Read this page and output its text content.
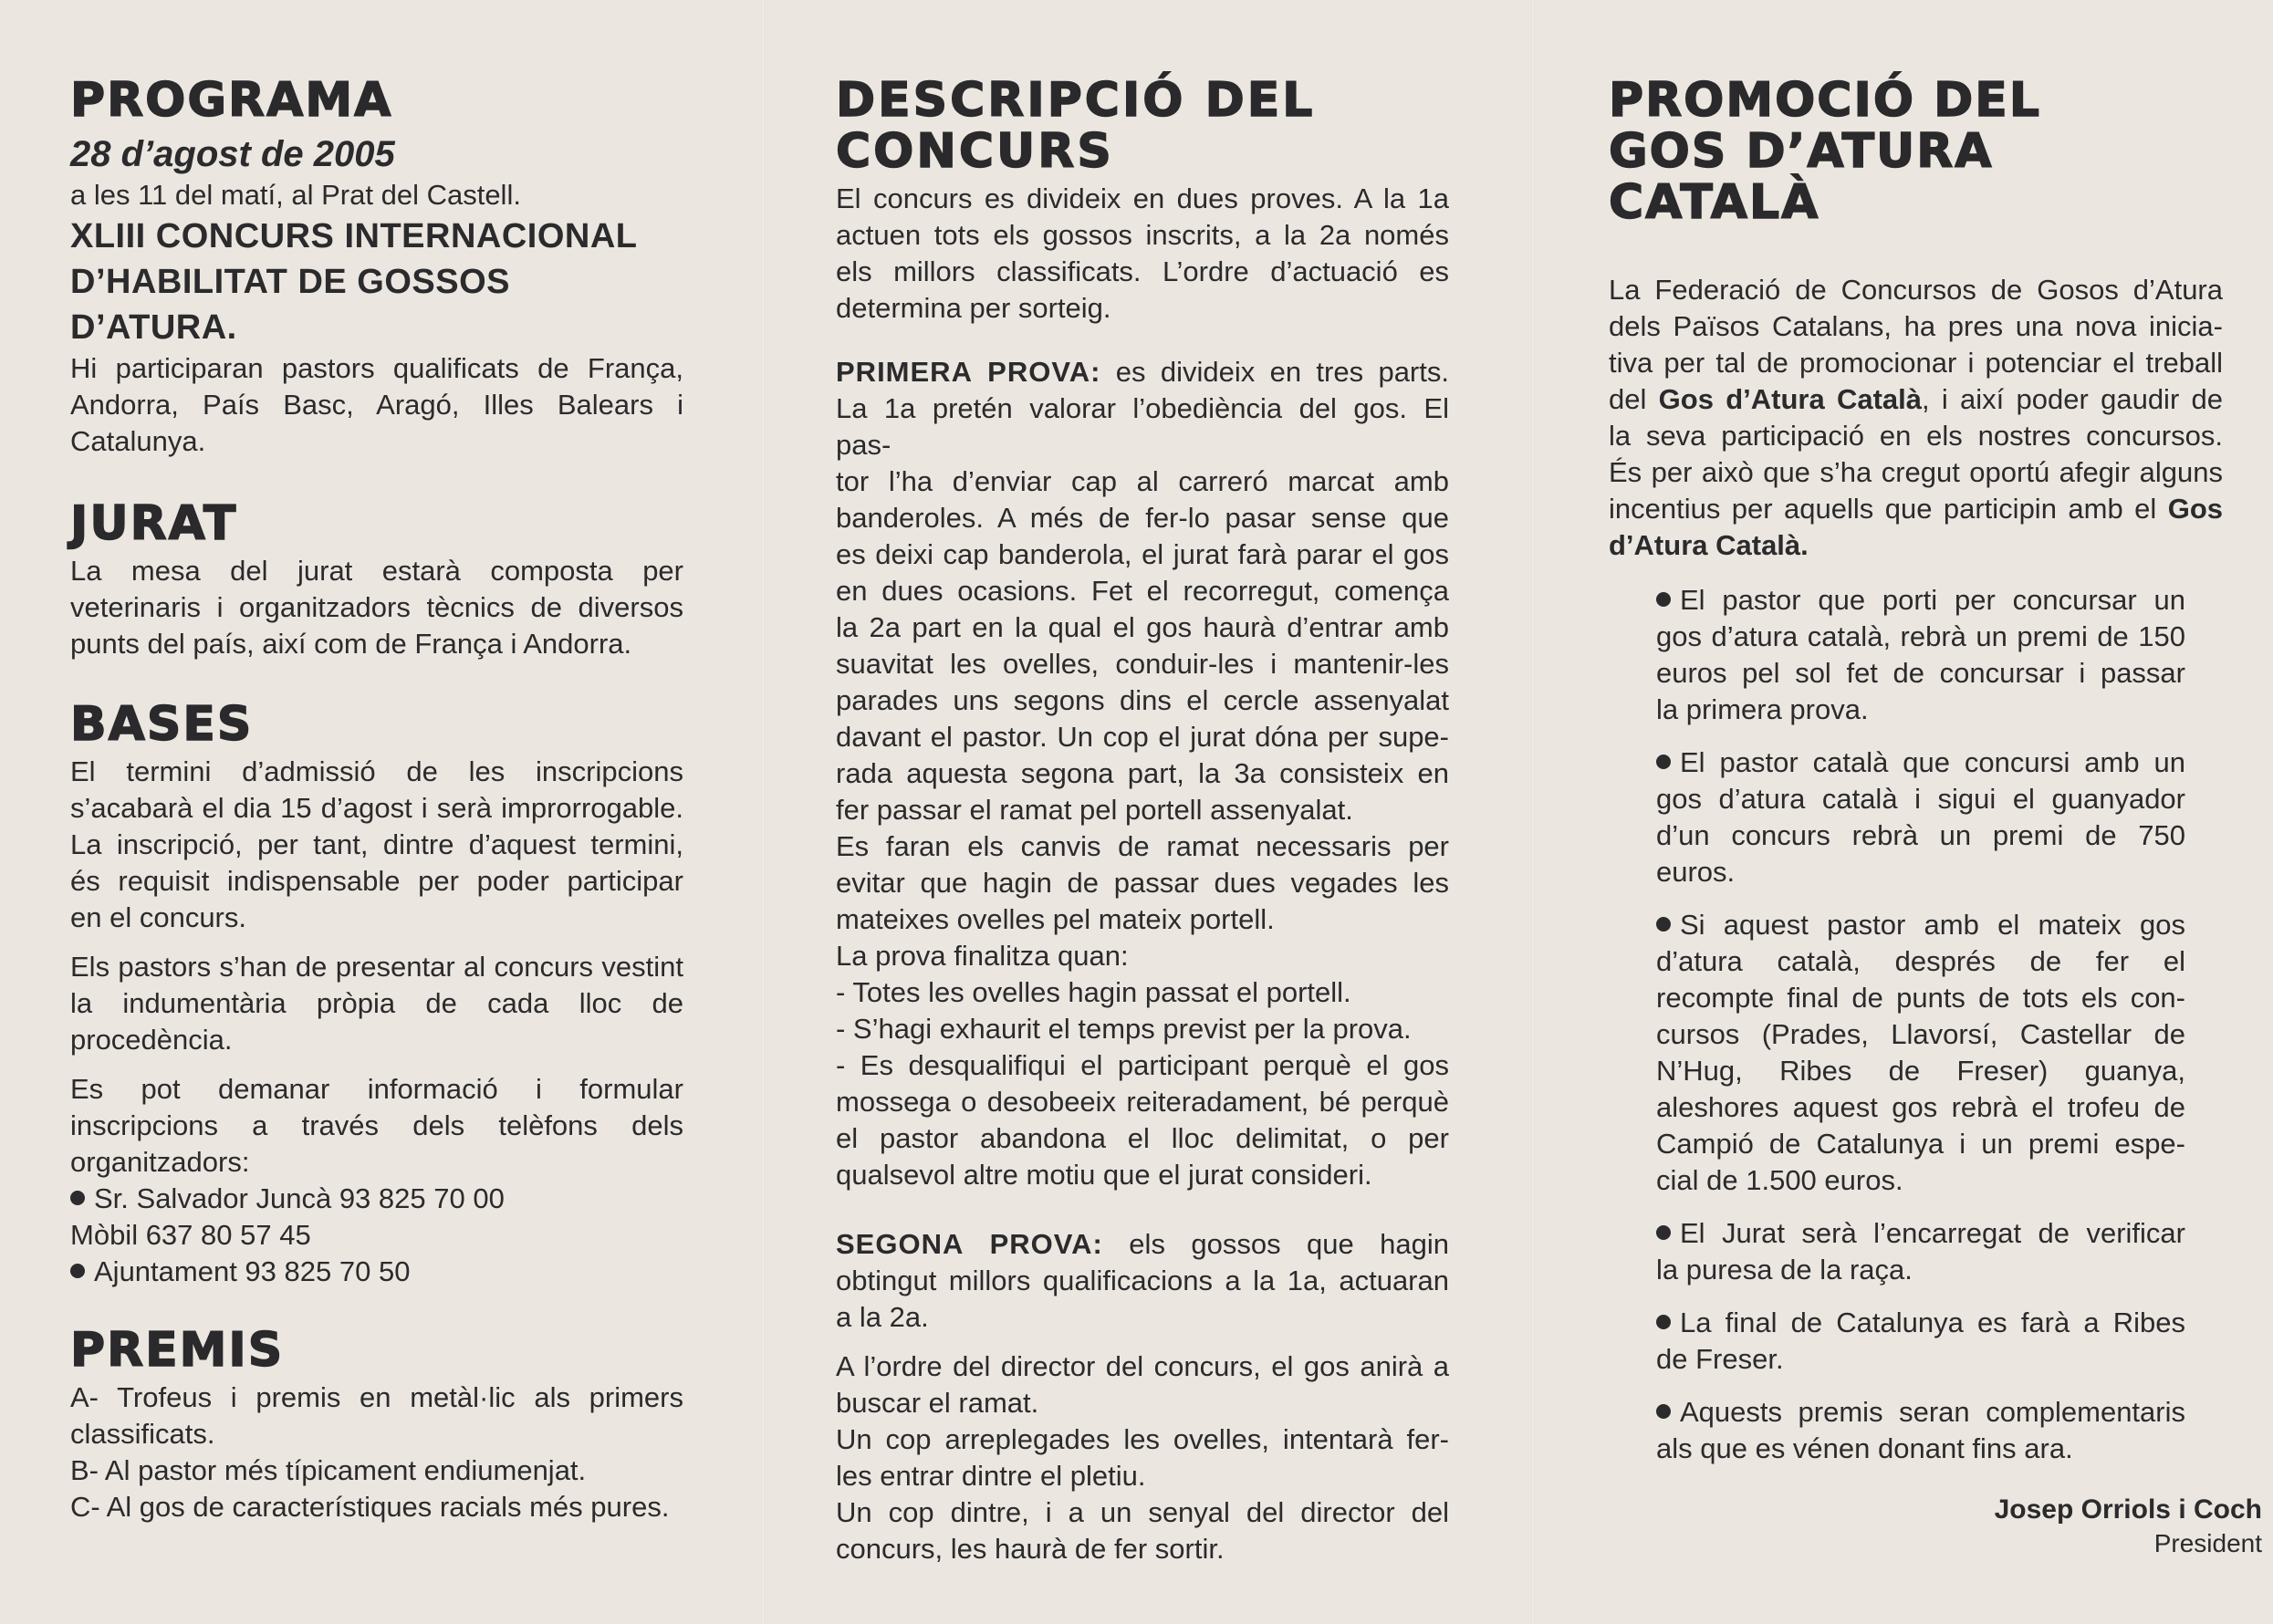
PROGRAMA

28 d’agost de 2005

a les 11 del matí, al Prat del Castell.

XLIII CONCURS INTERNACIONAL

D’HABILITAT DE GOSSOS

D’ATURA.

Hi participaran pastors qualificats de França,

Andorra, País Basc, Aragó, Illes Balears i

Catalunya.

JURAT

La mesa del jurat estarà composta per

veterinaris i organitzadors tècnics de diversos

punts del país, així com de França i Andorra.

BASES

El termini d’admissió de les inscripcions

s’acabarà el dia 15 d’agost i serà improrrogable.

La inscripció, per tant, dintre d’aquest termini,

és requisit indispensable per poder participar

en el concurs.

Els pastors s’han de presentar al concurs vestint

la indumentària pròpia de cada lloc de

procedència.

Es pot demanar informació i formular

inscripcions a través dels telèfons dels

organitzadors:

Sr. Salvador Juncà 93 825 70 00

Mòbil 637 80 57 45

Ajuntament 93 825 70 50

PREMIS

A- Trofeus i premis en metàl·lic als primers

classificats.

B- Al pastor més típicament endiumenjat.

C- Al gos de característiques racials més pures.

DESCRIPCIÓ DEL
CONCURS

El concurs es divideix en dues proves. A la 1a

actuen tots els gossos inscrits, a la 2a només

els millors classificats. L’ordre d’actuació es

determina per sorteig.

PRIMERA PROVA: es divideix en tres parts.

La 1a pretén valorar l’obediència del gos. El pas-

tor l’ha d’enviar cap al carreró marcat amb

banderoles. A més de fer-lo pasar sense que

es deixi cap banderola, el jurat farà parar el gos

en dues ocasions. Fet el recorregut, comença

la 2a part en la qual el gos haurà d’entrar amb

suavitat les ovelles, conduir-les i mantenir-les

parades uns segons dins el cercle assenyalat

davant el pastor. Un cop el jurat dóna per supe-

rada aquesta segona part, la 3a consisteix en

fer passar el ramat pel portell assenyalat.

Es faran els canvis de ramat necessaris per

evitar que hagin de passar dues vegades les

mateixes ovelles pel mateix portell.

La prova finalitza quan:

- Totes les ovelles hagin passat el portell.

- S’hagi exhaurit el temps previst per la prova.

- Es desqualifiqui el participant perquè el gos

mossega o desobeeix reiteradament, bé perquè

el pastor abandona el lloc delimitat, o per

qualsevol altre motiu que el jurat consideri.

SEGONA PROVA: els gossos que hagin

obtingut millors qualificacions a la 1a, actuaran

a la 2a.

A l’ordre del director del concurs, el gos anirà a

buscar el ramat.

Un cop arreplegades les ovelles, intentarà fer-

les entrar dintre el pletiu.

Un cop dintre, i a un senyal del director del

concurs, les haurà de fer sortir.

PROMOCIÓ DEL
GOS D’ATURA
CATALÀ

La Federació de Concursos de Gosos d’Atura

dels Països Catalans, ha pres una nova inicia-

tiva per tal de promocionar i potenciar el treball

del Gos d’Atura Català, i així poder gaudir de

la seva participació en els nostres concursos.

És per això que s’ha cregut oportú afegir alguns

incentius per aquells que participin amb el Gos

d’Atura Català.

El pastor que porti per concursar un

gos d’atura català, rebrà un premi de 150

euros pel sol fet de concursar i passar

la primera prova.

El pastor català que concursi amb un

gos d’atura català i sigui el guanyador

d’un concurs rebrà un premi de 750

euros.

Si aquest pastor amb el mateix gos

d’atura català, després de fer el

recompte final de punts de tots els con-

cursos (Prades, Llavorsí, Castellar de

N’Hug, Ribes de Freser) guanya,

aleshores aquest gos rebrà el trofeu de

Campió de Catalunya i un premi espe-

cial de 1.500 euros.

El Jurat serà l’encarregat de verificar

la puresa de la raça.

La final de Catalunya es farà a Ribes

de Freser.

Aquests premis seran complementaris

als que es vénen donant fins ara.

Josep Orriols i Coch

President
